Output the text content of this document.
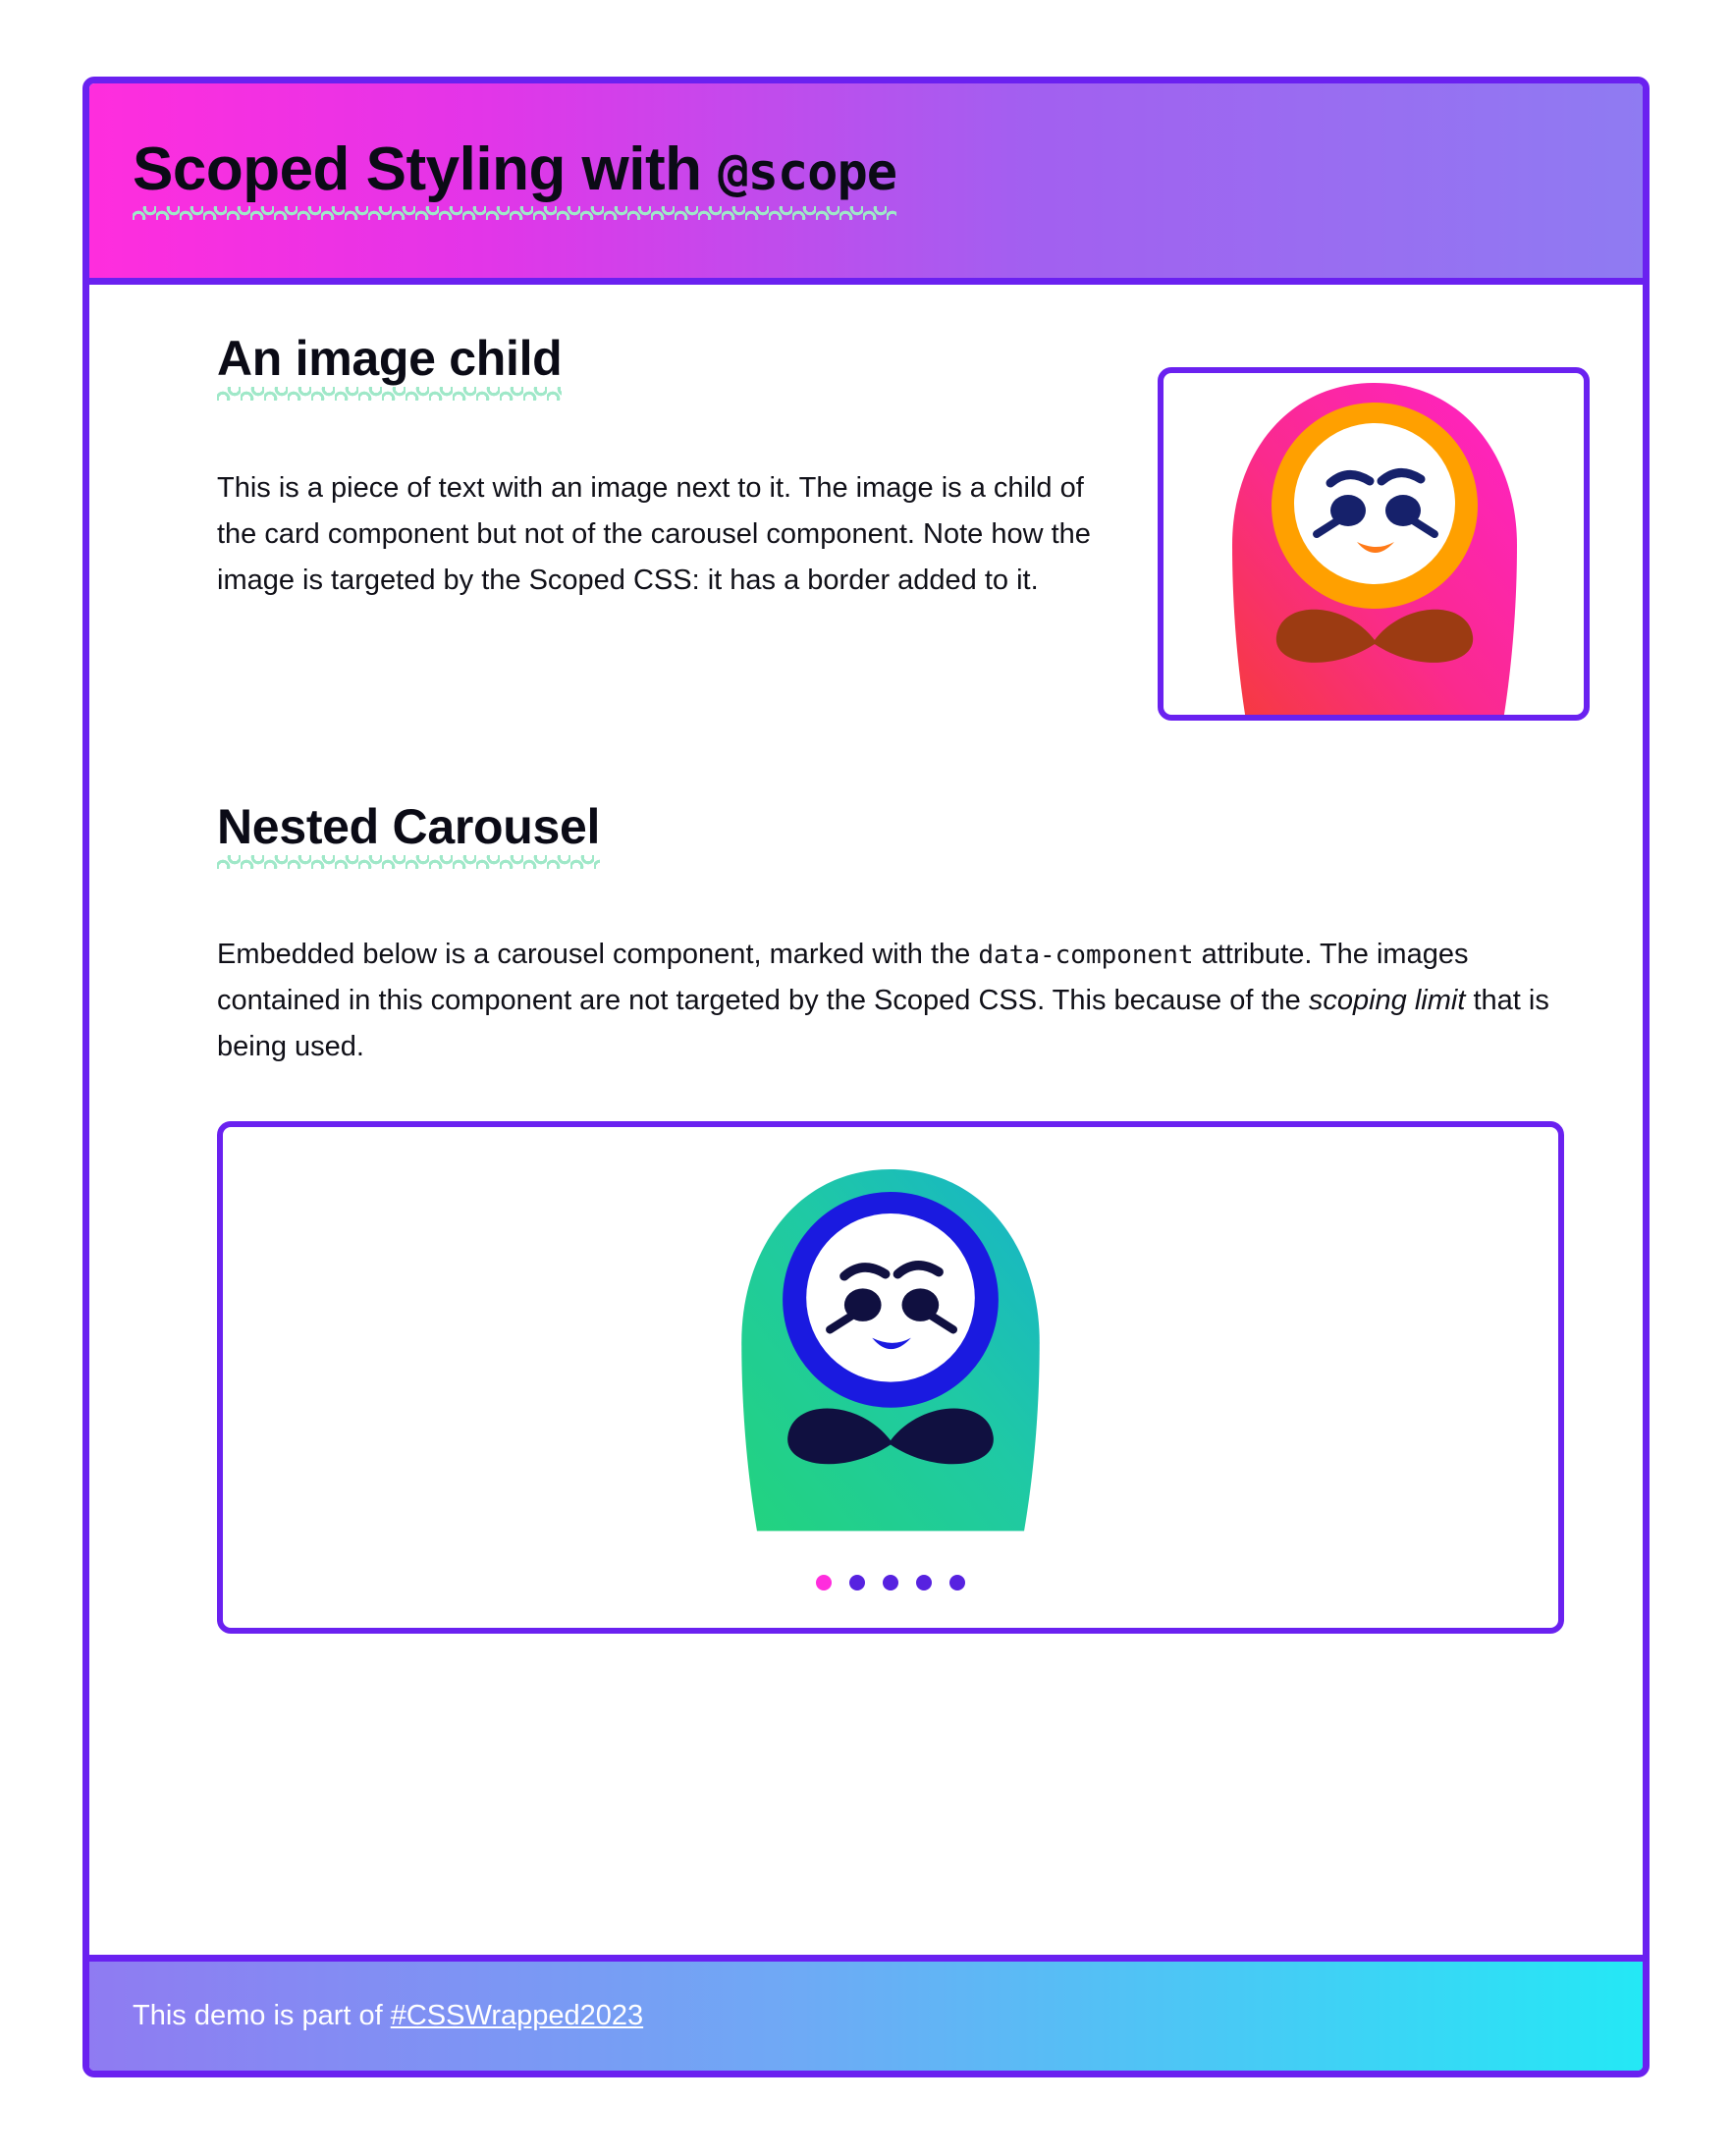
Scoped Styling with @scope
An image child

This is a piece of text with an image next to it. The image is a child of the card component but not of the carousel component. Note how the image is targeted by the Scoped CSS: it has a border added to it.

Nested Carousel

Embedded below is a carousel component, marked with the data-component attribute. The images contained in this component are not targeted by the Scoped CSS. This because of the scoping limit that is being used.

This demo is part of #CSSWrapped2023
